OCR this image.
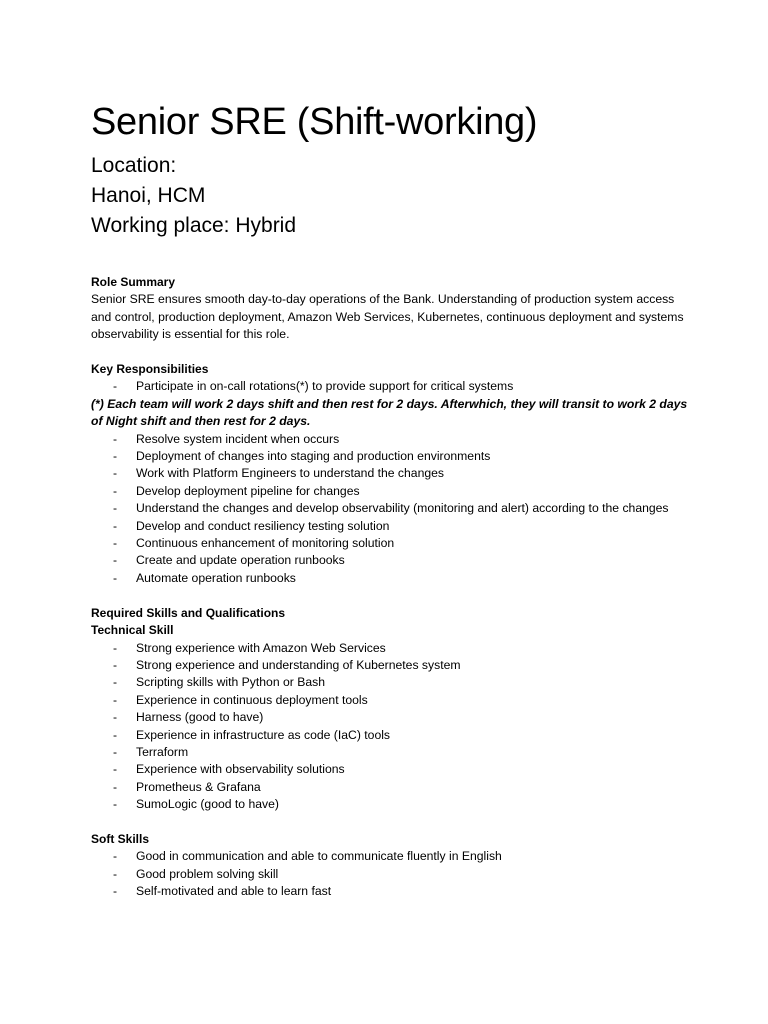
Senior SRE (Shift-working)

Location:

Hanoi, HCM

Working place: Hybrid

Role Summary

Senior SRE ensures smooth day-to-day operations of the Bank. Understanding of production system access and control, production deployment, Amazon Web Services, Kubernetes, continuous deployment and systems observability is essential for this role.

Key Responsibilities

- Participate in on-call rotations(*) to provide support for critical systems

(*) Each team will work 2 days shift and then rest for 2 days. Afterwhich, they will transit to work 2 days of Night shift and then rest for 2 days.

- Resolve system incident when occurs
- Deployment of changes into staging and production environments
- Work with Platform Engineers to understand the changes
- Develop deployment pipeline for changes
- Understand the changes and develop observability (monitoring and alert) according to the changes
- Develop and conduct resiliency testing solution
- Continuous enhancement of monitoring solution
- Create and update operation runbooks
- Automate operation runbooks

Required Skills and Qualifications

Technical Skill

- Strong experience with Amazon Web Services
- Strong experience and understanding of Kubernetes system
- Scripting skills with Python or Bash
- Experience in continuous deployment tools
- Harness (good to have)
- Experience in infrastructure as code (IaC) tools
- Terraform
- Experience with observability solutions
- Prometheus & Grafana
- SumoLogic (good to have)

Soft Skills

- Good in communication and able to communicate fluently in English
- Good problem solving skill
- Self-motivated and able to learn fast
